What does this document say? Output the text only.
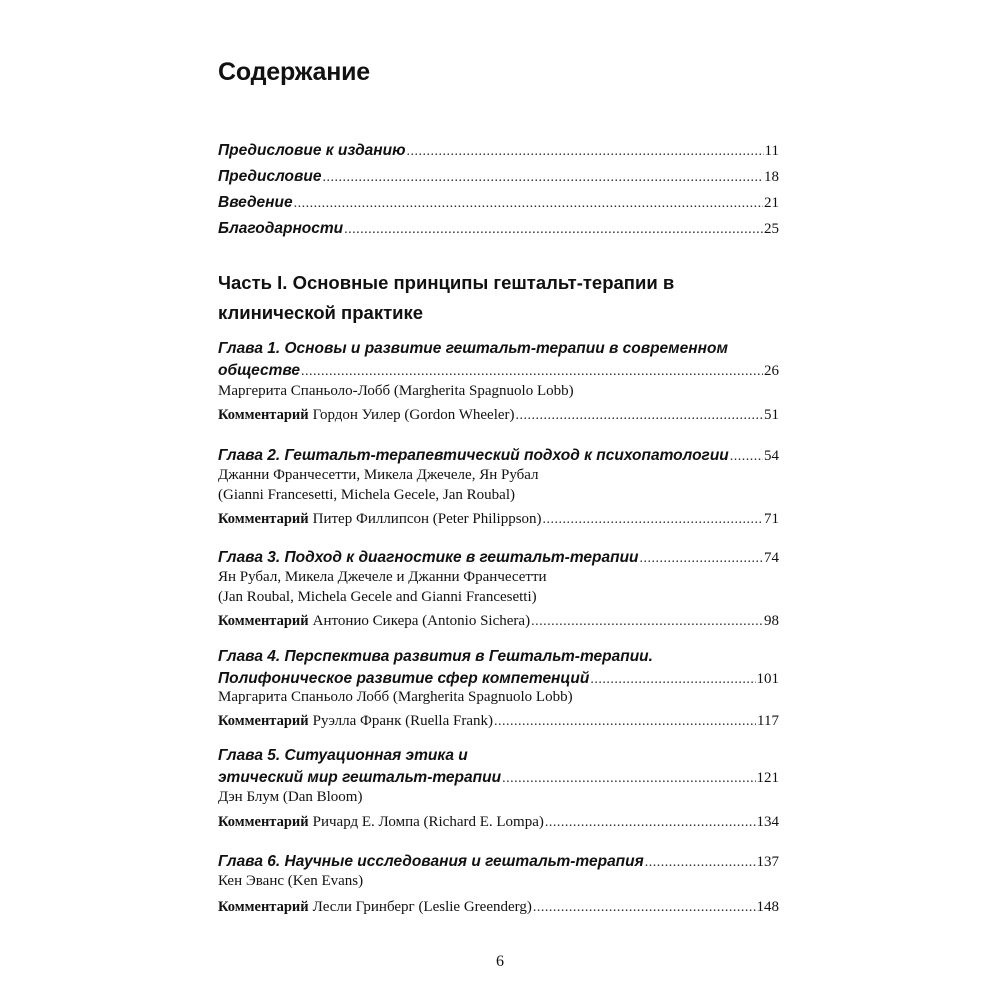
Содержание
Предисловие к изданию .....	11
Предисловие .....	18
Введение .....	21
Благодарности .....	25
Часть I. Основные принципы гештальт-терапии в
клинической практике
Глава 1. Основы и развитие гештальт-терапии в современном
обществе .....	26
Маргерита Спаньоло-Лобб (Margherita Spagnuolo Lobb)
Комментарий Гордон Уилер (Gordon Wheeler) .....	51
Глава 2. Гештальт-терапевтический подход к психопатологии ..... 54
Джанни Франчесетти, Микела Джечеле, Ян Рубал
(Gianni Francesetti, Michela Gecele, Jan Roubal)
Комментарий Питер Филлипсон (Peter Philippson) .....	71
Глава 3. Подход к диагностике в гештальт-терапии .....	74
Ян Рубал, Микела Джечеле и Джанни Франчесетти
(Jan Roubal, Michela Gecele and Gianni Francesetti)
Комментарий Антонио Сикера (Antonio Sichera) .....	98
Глава 4. Перспектива развития в Гештальт-терапии.
Полифоническое развитие сфер компетенций .....	101
Маргарита Спаньоло Лобб (Margherita Spagnuolo Lobb)
Комментарий Руэлла Франк (Ruella Frank) .....	117
Глава 5. Ситуационная этика и
этический мир гештальт-терапии .....	121
Дэн Блум (Dan Bloom)
Комментарий Ричард Е. Ломпа (Richard E. Lompa) .....	134
Глава 6. Научные исследования и гештальт-терапия .....	137
Кен Эванс (Ken Evans)
Комментарий Лесли Гринберг (Leslie Greenderg) .....	148
6
